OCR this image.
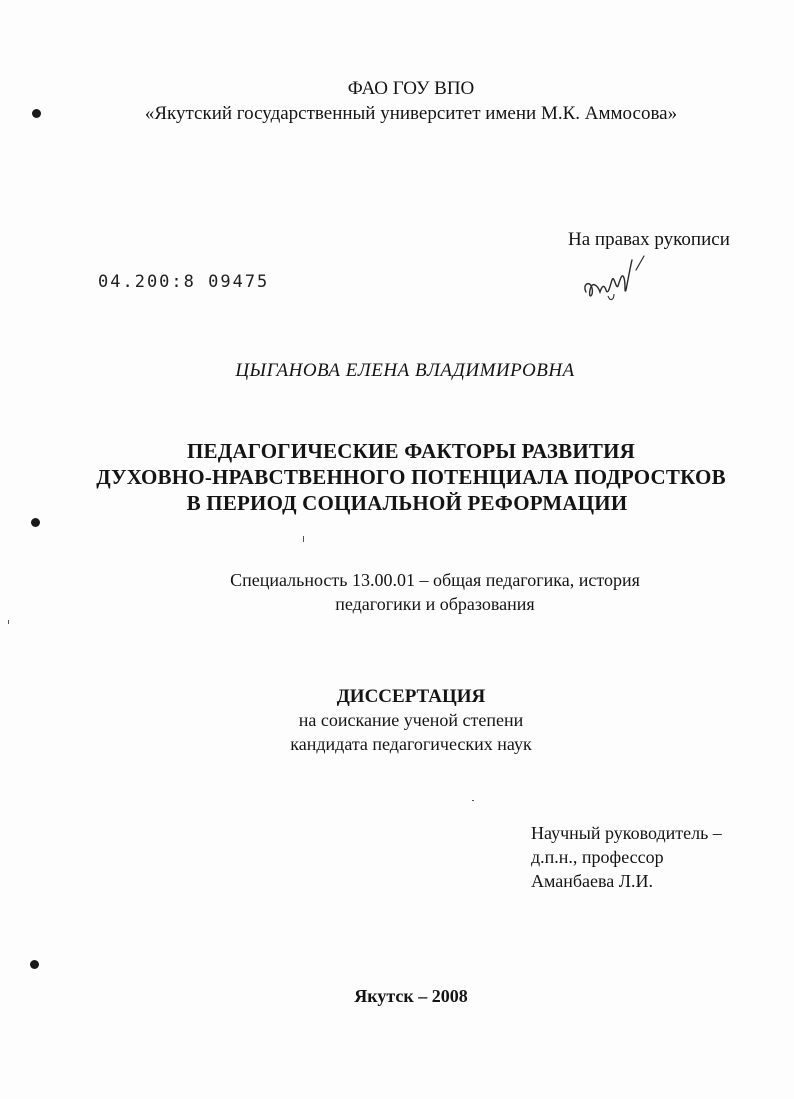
ФАО ГОУ ВПО
«Якутский государственный университет имени М.К. Аммосова»
На правах рукописи
04.200:8 09475
ЦЫГАНОВА ЕЛЕНА ВЛАДИМИРОВНА
ПЕДАГОГИЧЕСКИЕ ФАКТОРЫ РАЗВИТИЯ
ДУХОВНО-НРАВСТВЕННОГО ПОТЕНЦИАЛА ПОДРОСТКОВ
В ПЕРИОД СОЦИАЛЬНОЙ РЕФОРМАЦИИ
Специальность 13.00.01 – общая педагогика, история
педагогики и образования
ДИССЕРТАЦИЯ
на соискание ученой степени
кандидата педагогических наук
Научный руководитель –
д.п.н., профессор
Аманбаева Л.И.
Якутск – 2008
